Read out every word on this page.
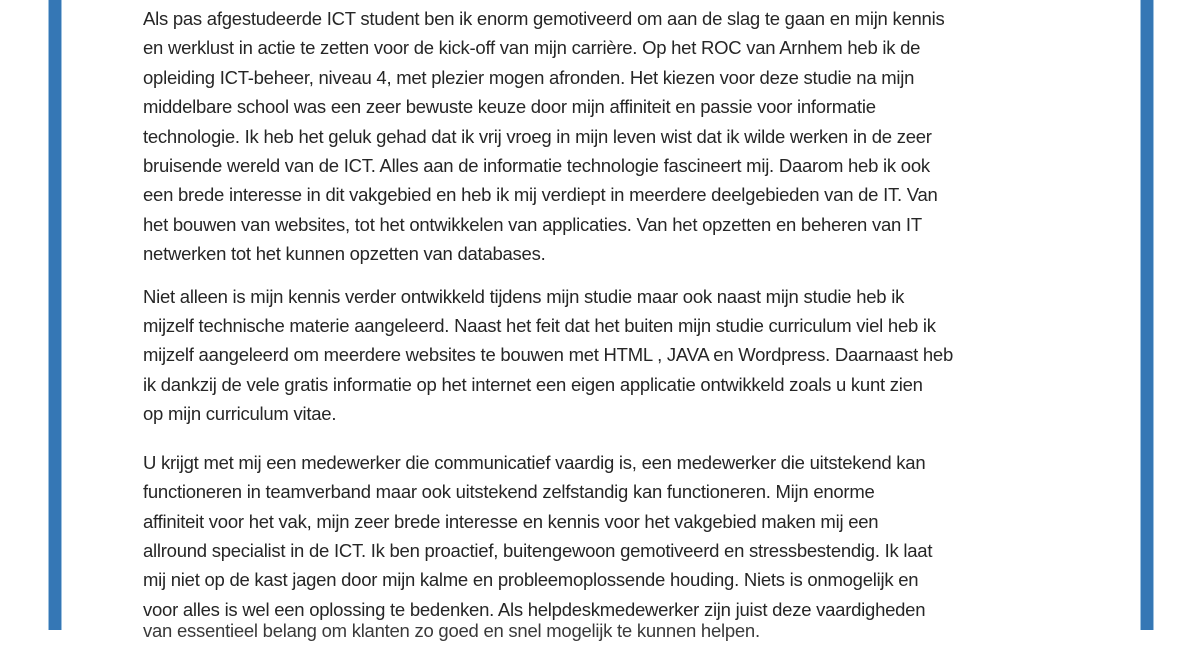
Als pas afgestudeerde ICT student ben ik enorm gemotiveerd om aan de slag te gaan en mijn kennis
en werklust in actie te zetten voor de kick-off van mijn carrière. Op het ROC van Arnhem heb ik de
opleiding ICT-beheer, niveau 4, met plezier mogen afronden. Het kiezen voor deze studie na mijn
middelbare school was een zeer bewuste keuze door mijn affiniteit en passie voor informatie
technologie. Ik heb het geluk gehad dat ik vrij vroeg in mijn leven wist dat ik wilde werken in de zeer
bruisende wereld van de ICT. Alles aan de informatie technologie fascineert mij. Daarom heb ik ook
een brede interesse in dit vakgebied en heb ik mij verdiept in meerdere deelgebieden van de IT. Van
het bouwen van websites, tot het ontwikkelen van applicaties. Van het opzetten en beheren van IT
netwerken tot het kunnen opzetten van databases.
Niet alleen is mijn kennis verder ontwikkeld tijdens mijn studie maar ook naast mijn studie heb ik
mijzelf technische materie aangeleerd. Naast het feit dat het buiten mijn studie curriculum viel heb ik
mijzelf aangeleerd om meerdere websites te bouwen met HTML , JAVA en Wordpress. Daarnaast heb
ik dankzij de vele gratis informatie op het internet een eigen applicatie ontwikkeld zoals u kunt zien
op mijn curriculum vitae.
U krijgt met mij een medewerker die communicatief vaardig is, een medewerker die uitstekend kan
functioneren in teamverband maar ook uitstekend zelfstandig kan functioneren. Mijn enorme
affiniteit voor het vak, mijn zeer brede interesse en kennis voor het vakgebied maken mij een
allround specialist in de ICT. Ik ben proactief, buitengewoon gemotiveerd en stressbestendig. Ik laat
mij niet op de kast jagen door mijn kalme en probleemoplossende houding. Niets is onmogelijk en
voor alles is wel een oplossing te bedenken. Als helpdeskmedewerker zijn juist deze vaardigheden
van essentieel belang om klanten zo goed en snel mogelijk te kunnen helpen.
